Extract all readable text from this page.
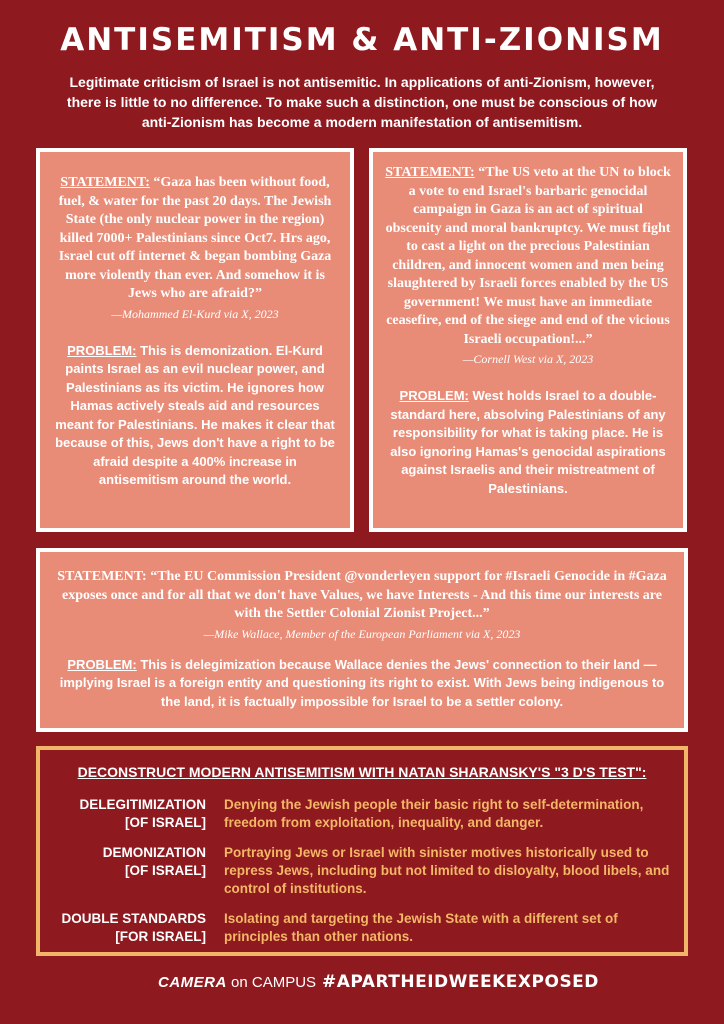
ANTISEMITISM & ANTI-ZIONISM
Legitimate criticism of Israel is not antisemitic. In applications of anti-Zionism, however, there is little to no difference. To make such a distinction, one must be conscious of how anti-Zionism has become a modern manifestation of antisemitism.
STATEMENT: “Gaza has been without food, fuel, & water for the past 20 days. The Jewish State (the only nuclear power in the region) killed 7000+ Palestinians since Oct7. Hrs ago, Israel cut off internet & began bombing Gaza more violently than ever. And somehow it is Jews who are afraid?”
—Mohammed El-Kurd via X, 2023
PROBLEM: This is demonization. El-Kurd paints Israel as an evil nuclear power, and Palestinians as its victim. He ignores how Hamas actively steals aid and resources meant for Palestinians. He makes it clear that because of this, Jews don't have a right to be afraid despite a 400% increase in antisemitism around the world.
STATEMENT: “The US veto at the UN to block a vote to end Israel's barbaric genocidal campaign in Gaza is an act of spiritual obscenity and moral bankruptcy. We must fight to cast a light on the precious Palestinian children, and innocent women and men being slaughtered by Israeli forces enabled by the US government! We must have an immediate ceasefire, end of the siege and end of the vicious Israeli occupation!...”
—Cornell West via X, 2023
PROBLEM: West holds Israel to a double-standard here, absolving Palestinians of any responsibility for what is taking place. He is also ignoring Hamas's genocidal aspirations against Israelis and their mistreatment of Palestinians.
STATEMENT: “The EU Commission President @vonderleyen support for #Israeli Genocide in #Gaza exposes once and for all that we don't have Values, we have Interests - And this time our interests are with the Settler Colonial Zionist Project...”
—Mike Wallace, Member of the European Parliament via X, 2023
PROBLEM: This is delegimization because Wallace denies the Jews' connection to their land — implying Israel is a foreign entity and questioning its right to exist. With Jews being indigenous to the land, it is factually impossible for Israel to be a settler colony.
DECONSTRUCT MODERN ANTISEMITISM WITH NATAN SHARANSKY'S "3 D'S TEST":
DELEGITIMIZATION
[OF ISRAEL]
Denying the Jewish people their basic right to self-determination, freedom from exploitation, inequality, and danger.
DEMONIZATION
[OF ISRAEL]
Portraying Jews or Israel with sinister motives historically used to repress Jews, including but not limited to disloyalty, blood libels, and control of institutions.
DOUBLE STANDARDS
[FOR ISRAEL]
Isolating and targeting the Jewish State with a different set of principles than other nations.
CAMERA on CAMPUS #APARTHEIDWEEKEXPOSED
